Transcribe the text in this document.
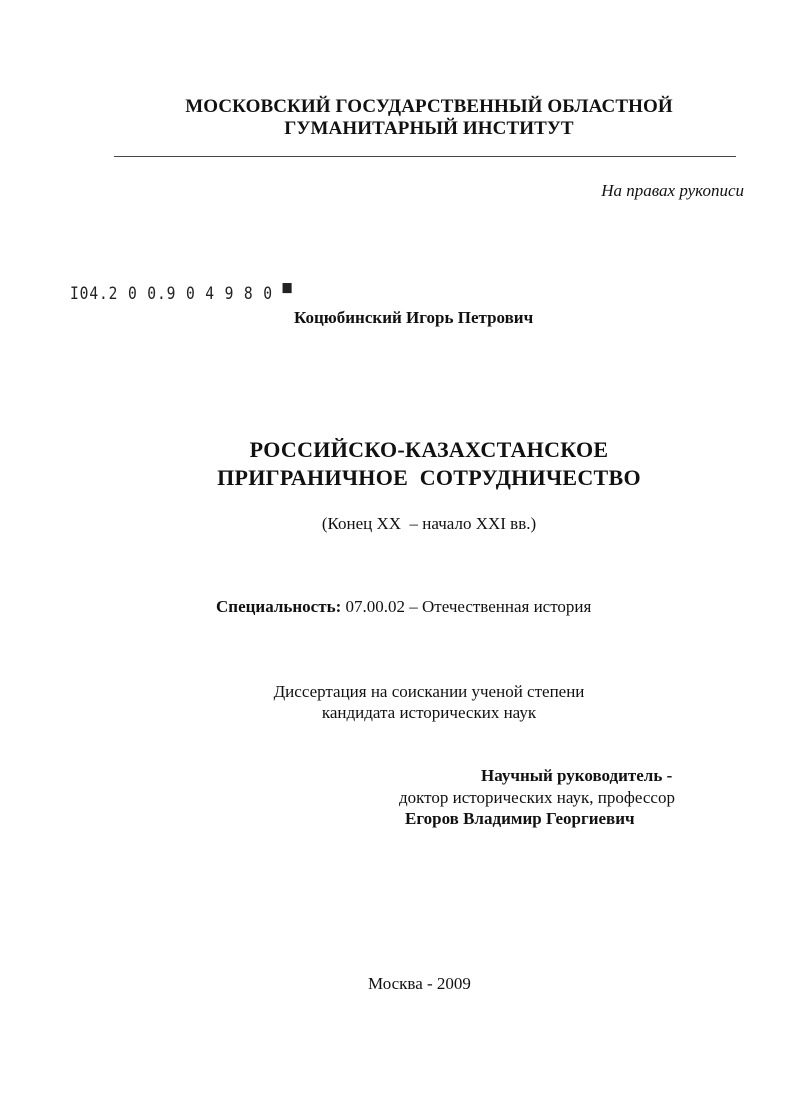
МОСКОВСКИЙ ГОСУДАРСТВЕННЫЙ ОБЛАСТНОЙ
ГУМАНИТАРНЫЙ ИНСТИТУТ
На правах рукописи
І04.2 0 0.9 0 4 9 8 0 ▀
Коцюбинский Игорь Петрович
РОССИЙСКО-КАЗАХСТАНСКОЕ
ПРИГРАНИЧНОЕ  СОТРУДНИЧЕСТВО
(Конец XX  – начало XXI вв.)
Специальность: 07.00.02 – Отечественная история
Диссертация на соискании ученой степени
кандидата исторических наук
Научный руководитель -
доктор исторических наук, профессор
Егоров Владимир Георгиевич
Москва - 2009
